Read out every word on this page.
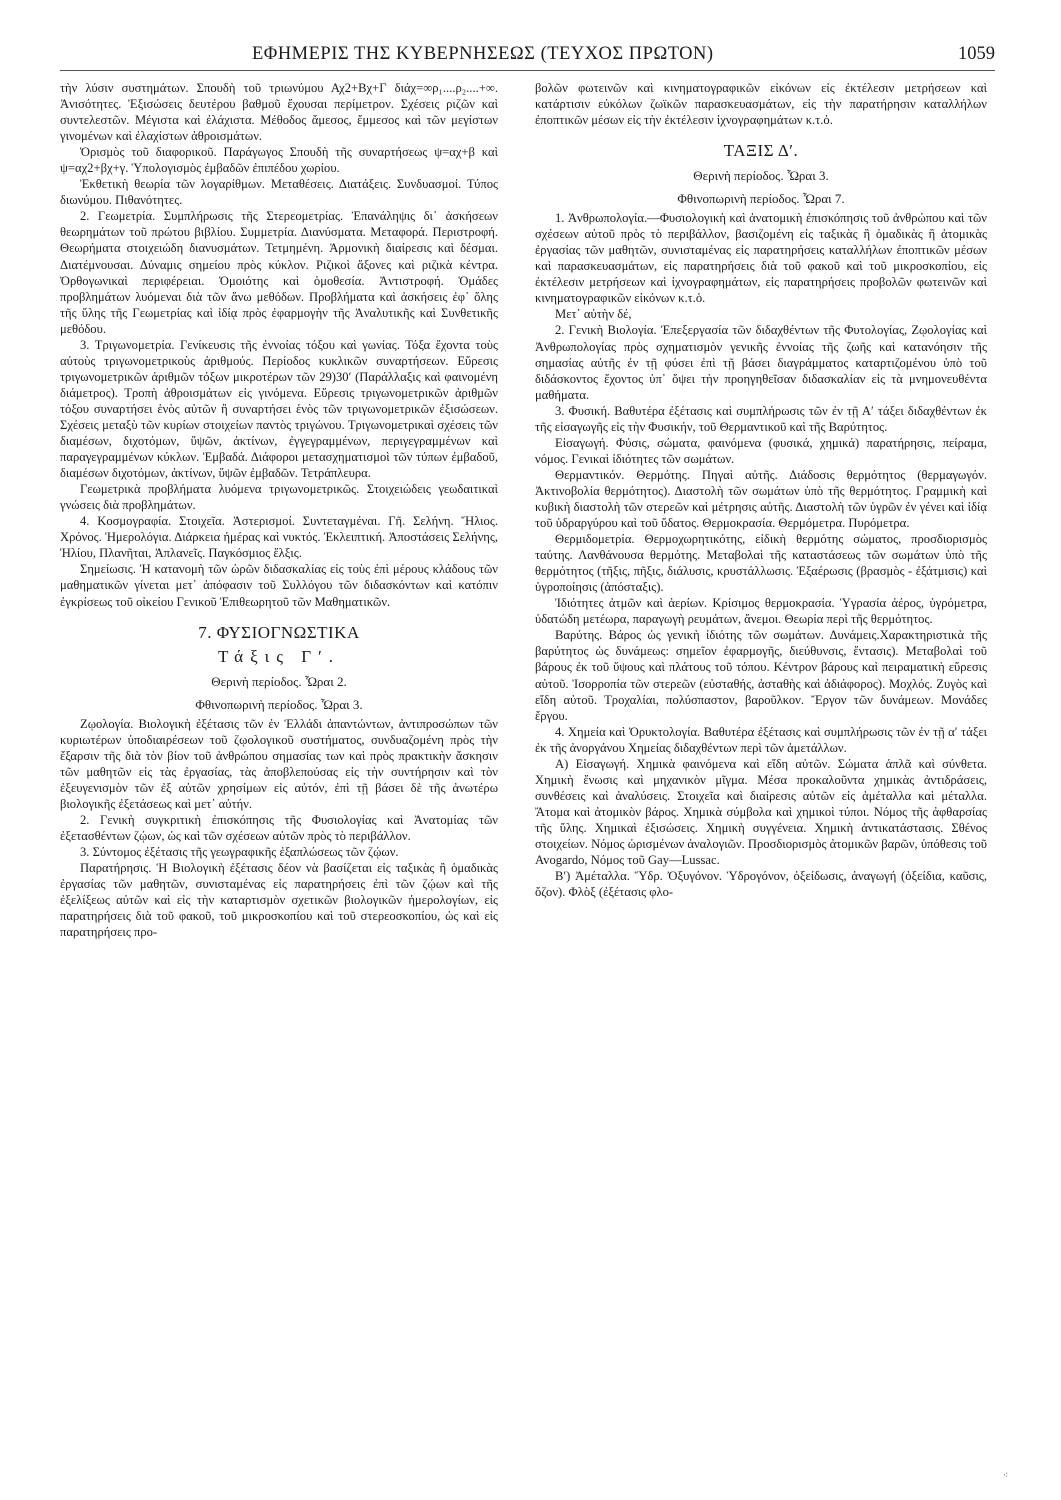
ΕΦΗΜΕΡΙΣ ΤΗΣ ΚΥΒΕΡΝΗΣΕΩΣ (ΤΕΥΧΟΣ ΠΡΩΤΟΝ)	1059

τὴν λύσιν συστημάτων. Σπουδὴ τοῦ τριωνύμου Αχ2+Βχ+Γ διάχ=∞ρ₁....ρ₂....+∞. Ἀνισότητες. Ἐξισώσεις δευτέρου βαθμοῦ ἔχουσαι περίμετρον. Σχέσεις ριζῶν καὶ συντελεστῶν. Μέγιστα καὶ ἐλάχιστα. Μέθοδος ἄμεσος, ἔμμεσος καὶ τῶν μεγίστων γινομένων καὶ ἐλαχίστων ἀθροισμάτων.

Ὁρισμὸς τοῦ διαφορικοῦ. Παράγωγος Σπουδὴ τῆς συναρτήσεως ψ=αχ+β καὶ ψ=αχ2+βχ+γ. Ὑπολογισμὸς ἐμβαδῶν ἐπιπέδου χωρίου.

Ἐκθετικὴ θεωρία τῶν λογαρίθμων. Μεταθέσεις. Διατάξεις. Συνδυασμοί. Τύπος διωνύμου. Πιθανότητες.

2. Γεωμετρία. Συμπλήρωσις τῆς Στερεομετρίας. Ἐπανάληψις δι᾽ ἀσκήσεων θεωρημάτων τοῦ πρώτου βιβλίου. Συμμετρία. Διανύσματα. Μεταφορά. Περιστροφή. Θεωρήματα στοιχειώδη διανυσμάτων. Τετμημένη. Ἁρμονικὴ διαίρεσις καὶ δέσμαι. Διατέμνουσαι. Δύναμις σημείου πρὸς κύκλον. Ριζικοὶ ἄξονες καὶ ριζικὰ κέντρα. Ὀρθογωνικαὶ περιφέρειαι. Ὁμοιότης καὶ ὁμοθεσία. Ἀντιστροφή. Ὁμάδες προβλημάτων λυόμεναι διὰ τῶν ἄνω μεθόδων. Προβλήματα καὶ ἀσκήσεις ἐφ᾽ ὅλης τῆς ὕλης τῆς Γεωμετρίας καὶ ἰδίᾳ πρὸς ἐφαρμογὴν τῆς Ἀναλυτικῆς καὶ Συνθετικῆς μεθόδου.

3. Τριγωνομετρία. Γενίκευσις τῆς ἐννοίας τόξου καὶ γωνίας. Τόξα ἔχοντα τοὺς αὐτοὺς τριγωνομετρικοὺς ἀριθμούς. Περίοδος κυκλικῶν συναρτήσεων. Εὕρεσις τριγωνομετρικῶν ἀριθμῶν τόξων μικροτέρων τῶν 29)30′ (Παράλλαξις καὶ φαινομένη διάμετρος). Τροπὴ ἀθροισμάτων εἰς γινόμενα. Εὕρεσις τριγωνομετρικῶν ἀριθμῶν τόξου συναρτήσει ἑνὸς αὐτῶν ἢ συναρτήσει ἑνὸς τῶν τριγωνομετρικῶν ἐξισώσεων. Σχέσεις μεταξὺ τῶν κυρίων στοιχείων παντὸς τριγώνου. Τριγωνομετρικαὶ σχέσεις τῶν διαμέσων, διχοτόμων, ὕψῶν, ἀκτίνων, ἐγγεγραμμένων, περιγεγραμμένων καὶ παραγεγραμμένων κύκλων. Ἐμβαδά. Διάφοροι μετασχηματισμοὶ τῶν τύπων ἐμβαδοῦ, διαμέσων διχοτόμων, ἀκτίνων, ὕψῶν ἐμβαδῶν. Τετράπλευρα.

Γεωμετρικὰ προβλήματα λυόμενα τριγωνομετρικῶς. Στοιχειώδεις γεωδαιτικαὶ γνώσεις διὰ προβλημάτων.

4. Κοσμογραφία. Στοιχεῖα. Ἀστερισμοί. Συντεταγμέναι. Γῆ. Σελήνη. Ἥλιος. Χρόνος. Ἡμερολόγια. Διάρκεια ἡμέρας καὶ νυκτός. Ἐκλειπτική. Ἀποστάσεις Σελήνης, Ἡλίου, Πλανῆται, Ἀπλανεῖς. Παγκόσμιος ἕλξις.

Σημείωσις. Ἡ κατανομὴ τῶν ὡρῶν διδασκαλίας εἰς τοὺς ἐπὶ μέρους κλάδους τῶν μαθηματικῶν γίνεται μετ᾽ ἀπόφασιν τοῦ Συλλόγου τῶν διδασκόντων καὶ κατόπιν ἐγκρίσεως τοῦ οἰκείου Γενικοῦ Ἐπιθεωρητοῦ τῶν Μαθηματικῶν.

7. ΦΥΣΙΟΓΝΩΣΤΙΚΑ

Τάξις Γ′.

Θερινὴ περίοδος. Ὧραι 2.

Φθινοπωρινὴ περίοδος. Ὧραι 3.

Ζῳολογία. Βιολογικὴ ἐξέτασις τῶν ἐν Ἑλλάδι ἀπαντώντων, ἀντιπροσώπων τῶν κυριωτέρων ὑποδιαιρέσεων τοῦ ζῳολογικοῦ συστήματος, συνδυαζομένη πρὸς τὴν ἔξαρσιν τῆς διὰ τὸν βίον τοῦ ἀνθρώπου σημασίας των καὶ πρὸς πρακτικὴν ἄσκησιν τῶν μαθητῶν εἰς τὰς ἐργασίας, τὰς ἀποβλεπούσας εἰς τὴν συντήρησιν καὶ τὸν ἐξευγενισμὸν τῶν ἐξ αὐτῶν χρησίμων εἰς αὐτόν, ἐπὶ τῇ βάσει δὲ τῆς ἀνωτέρω βιολογικῆς ἐξετάσεως καὶ μετ᾽ αὐτήν.

2. Γενικὴ συγκριτικὴ ἐπισκόπησις τῆς Φυσιολογίας καὶ Ἀνατομίας τῶν ἐξετασθέντων ζῴων, ὡς καὶ τῶν σχέσεων αὐτῶν πρὸς τὸ περιβάλλον.

3. Σύντομος ἐξέτασις τῆς γεωγραφικῆς ἐξαπλώσεως τῶν ζῴων.

Παρατήρησις. Ἡ Βιολογικὴ ἐξέτασις δέον νὰ βασίζεται εἰς ταξικὰς ἢ ὁμαδικὰς ἐργασίας τῶν μαθητῶν, συνισταμένας εἰς παρατηρήσεις ἐπὶ τῶν ζῴων καὶ τῆς ἐξελίξεως αὐτῶν καὶ εἰς τὴν καταρτισμὸν σχετικῶν βιολογικῶν ἡμερολογίων, εἰς παρατηρήσεις διὰ τοῦ φακοῦ, τοῦ μικροσκοπίου καὶ τοῦ στερεοσκοπίου, ὡς καὶ εἰς παρατηρήσεις προ-

βολῶν φωτεινῶν καὶ κινηματογραφικῶν εἰκόνων εἰς ἐκτέλεσιν μετρήσεων καὶ κατάρτισιν εὐκόλων ζωϊκῶν παρασκευασμάτων, εἰς τὴν παρατήρησιν καταλλήλων ἐποπτικῶν μέσων εἰς τὴν ἐκτέλεσιν ἰχνογραφημάτων κ.τ.ὁ.

ΤΑΞΙΣ Δ′.

Θερινὴ περίοδος. Ὧραι 3.

Φθινοπωρινὴ περίοδος. Ὧραι 7.

1. Ἀνθρωπολογία.—Φυσιολογικὴ καὶ ἀνατομικὴ ἐπισκόπησις τοῦ ἀνθρώπου καὶ τῶν σχέσεων αὐτοῦ πρὸς τὸ περιβάλλον, βασιζομένη εἰς ταξικὰς ἢ ὁμαδικὰς ἢ ἀτομικὰς ἐργασίας τῶν μαθητῶν, συνισταμένας εἰς παρατηρήσεις καταλλήλων ἐποπτικῶν μέσων καὶ παρασκευασμάτων, εἰς παρατηρήσεις διὰ τοῦ φακοῦ καὶ τοῦ μικροσκοπίου, εἰς ἐκτέλεσιν μετρήσεων καὶ ἰχνογραφημάτων, εἰς παρατηρήσεις προβολῶν φωτεινῶν καὶ κινηματογραφικῶν εἰκόνων κ.τ.ὁ.

Μετ᾽ αὐτὴν δέ,

2. Γενικὴ Βιολογία. Ἐπεξεργασία τῶν διδαχθέντων τῆς Φυτολογίας, Ζῳολογίας καὶ Ἀνθρωπολογίας πρὸς σχηματισμὸν γενικῆς ἐννοίας τῆς ζωῆς καὶ κατανόησιν τῆς σημασίας αὐτῆς ἐν τῇ φύσει ἐπὶ τῇ βάσει διαγράμματος καταρτιζομένου ὑπὸ τοῦ διδάσκοντος ἔχοντος ὑπ᾽ ὄψει τὴν προηγηθεῖσαν διδασκαλίαν εἰς τὰ μνημονευθέντα μαθήματα.

3. Φυσική. Βαθυτέρα ἐξέτασις καὶ συμπλήρωσις τῶν ἐν τῇ Α′ τάξει διδαχθέντων ἐκ τῆς εἰσαγωγῆς εἰς τὴν Φυσικήν, τοῦ Θερμαντικοῦ καὶ τῆς Βαρύτητος.

Εἰσαγωγή. Φύσις, σώματα, φαινόμενα (φυσικά, χημικά) παρατήρησις, πείραμα, νόμος. Γενικαὶ ἰδιότητες τῶν σωμάτων.

Θερμαντικόν. Θερμότης. Πηγαὶ αὐτῆς. Διάδοσις θερμότητος (θερμαγωγόν. Ἀκτινοβολία θερμότητος). Διαστολὴ τῶν σωμάτων ὑπὸ τῆς θερμότητος. Γραμμικὴ καὶ κυβικὴ διαστολὴ τῶν στερεῶν καὶ μέτρησις αὐτῆς. Διαστολὴ τῶν ὑγρῶν ἐν γένει καὶ ἰδίᾳ τοῦ ὑδραργύρου καὶ τοῦ ὕδατος. Θερμοκρασία. Θερμόμετρα. Πυρόμετρα.

Θερμιδομετρία. Θερμοχωρητικότης, εἰδικὴ θερμότης σώματος, προσδιορισμὸς ταύτης. Λανθάνουσα θερμότης. Μεταβολαὶ τῆς καταστάσεως τῶν σωμάτων ὑπὸ τῆς θερμότητος (τῆξις, πῆξις, διάλυσις, κρυστάλλωσις. Ἐξαέρωσις (βρασμὸς - ἐξάτμισις) καὶ ὑγροποίησις (ἀπόσταξις).

Ἰδιότητες ἀτμῶν καὶ ἀερίων. Κρίσιμος θερμοκρασία. Ὑγρασία ἀέρος, ὑγρόμετρα, ὑδατώδη μετέωρα, παραγωγὴ ρευμάτων, ἄνεμοι. Θεωρία περὶ τῆς θερμότητος.

Βαρύτης. Βάρος ὡς γενικὴ ἰδιότης τῶν σωμάτων. Δυνάμεις.Χαρακτηριστικὰ τῆς βαρύτητος ὡς δυνάμεως: σημεῖον ἐφαρμογῆς, διεύθυνσις, ἔντασις). Μεταβολαὶ τοῦ βάρους ἐκ τοῦ ὕψους καὶ πλάτους τοῦ τόπου. Κέντρον βάρους καὶ πειραματικὴ εὕρεσις αὐτοῦ. Ἰσορροπία τῶν στερεῶν (εὐσταθής, ἀσταθὴς καὶ ἀδιάφορος). Μοχλός. Ζυγὸς καὶ εἴδη αὐτοῦ. Τροχαλίαι, πολύσπαστον, βαροῦλκον. Ἔργον τῶν δυνάμεων. Μονάδες ἔργου.

4. Χημεία καὶ Ὀρυκτολογία. Βαθυτέρα ἐξέτασις καὶ συμπλήρωσις τῶν ἐν τῇ α′ τάξει ἐκ τῆς ἀνοργάνου Χημείας διδαχθέντων περὶ τῶν ἀμετάλλων.

Α) Εἰσαγωγή. Χημικὰ φαινόμενα καὶ εἴδη αὐτῶν. Σώματα ἁπλᾶ καὶ σύνθετα. Χημικὴ ἕνωσις καὶ μηχανικὸν μῖγμα. Μέσα προκαλοῦντα χημικὰς ἀντιδράσεις, συνθέσεις καὶ ἀναλύσεις. Στοιχεῖα καὶ διαίρεσις αὐτῶν εἰς ἀμέταλλα καὶ μέταλλα. Ἄτομα καὶ ἀτομικὸν βάρος. Χημικὰ σύμβολα καὶ χημικοὶ τύποι. Νόμος τῆς ἀφθαρσίας τῆς ὕλης. Χημικαὶ ἐξισώσεις. Χημικὴ συγγένεια. Χημικὴ ἀντικατάστασις. Σθένος στοιχείων. Νόμος ὡρισμένων ἀναλογιῶν. Προσδιορισμὸς ἀτομικῶν βαρῶν, ὑπόθεσις τοῦ Avogardo, Νόμος τοῦ Gay—Lussac.

Β′) Ἀμέταλλα. Ὕδρ. Ὀξυγόνον. Ὑδρογόνον, ὀξείδωσις, ἀναγωγή (ὀξείδια, καῦσις, ὄζον). Φλὸξ (ἐξέτασις φλο-

⁖
